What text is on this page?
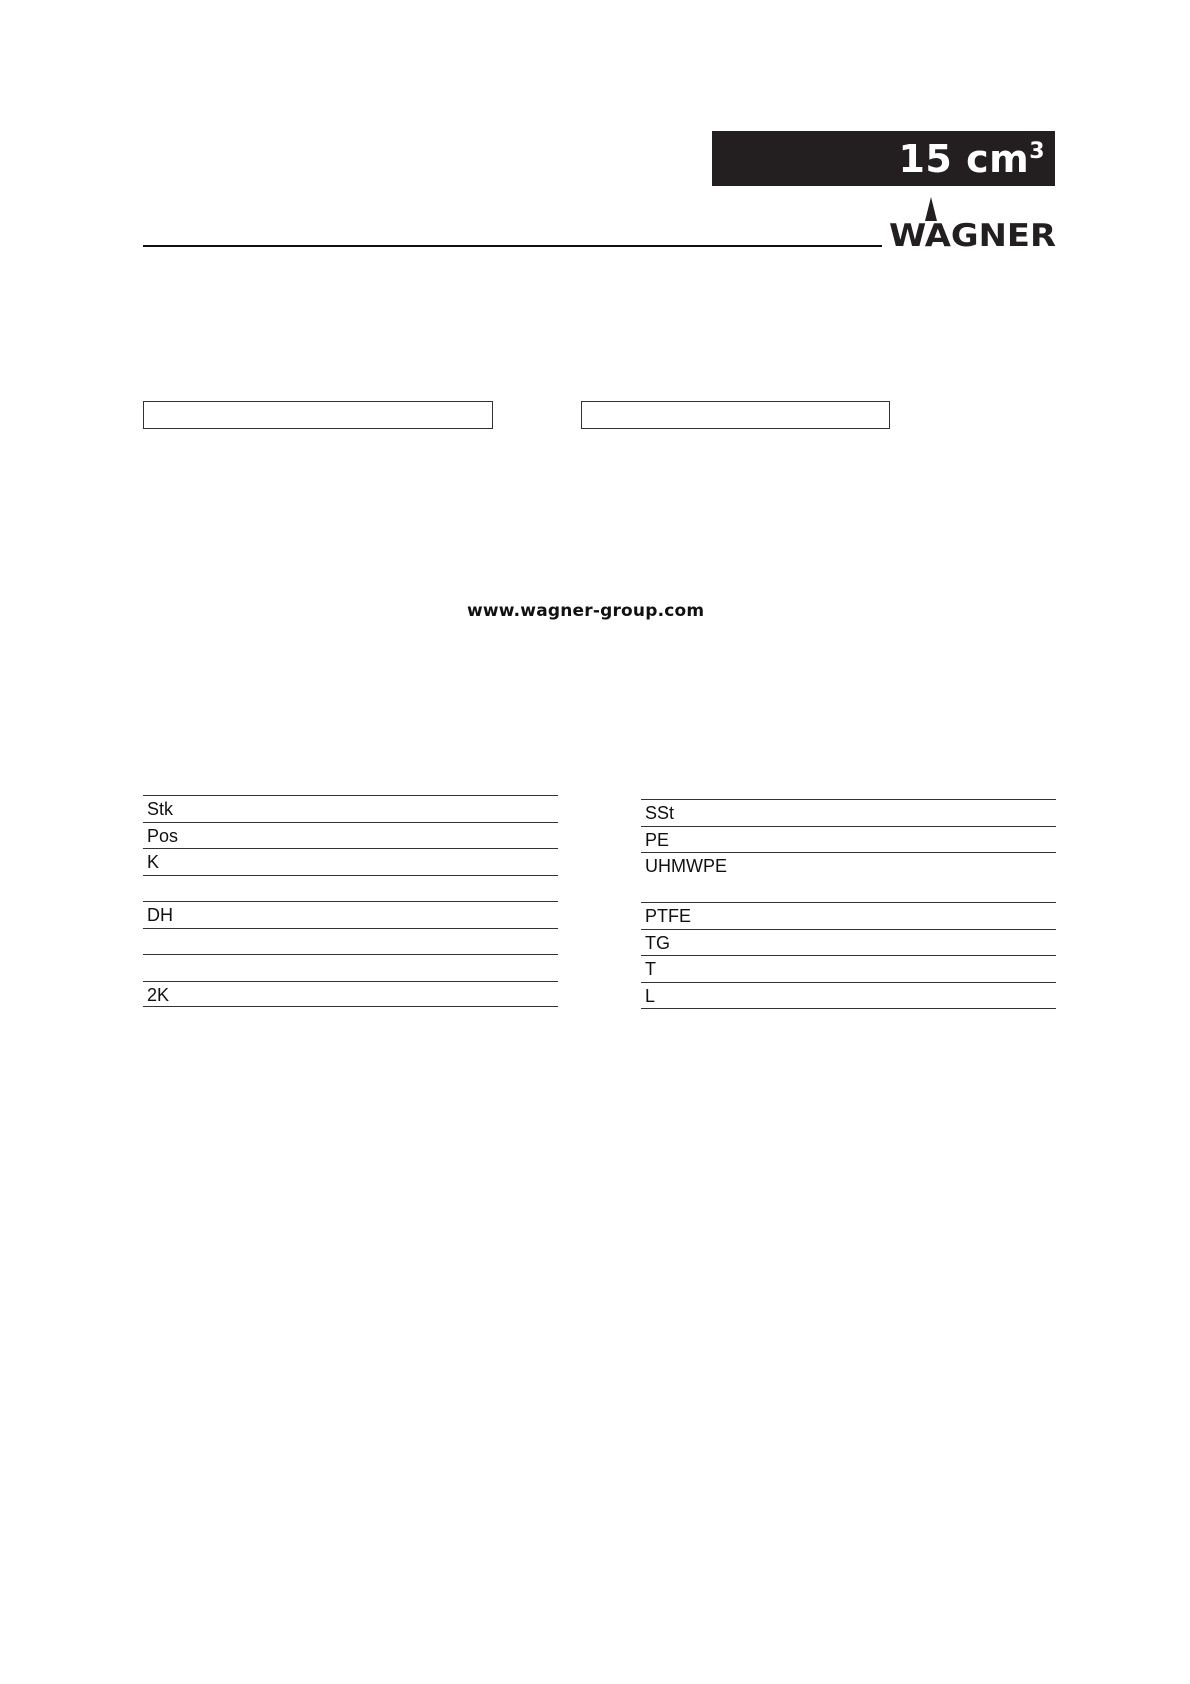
15 $cm^3$
WAGNER
www.wagner-group.com
Stk
Pos
K
DH
2K
SSt
PE
UHMWPE
PTFE
TG
T
L
